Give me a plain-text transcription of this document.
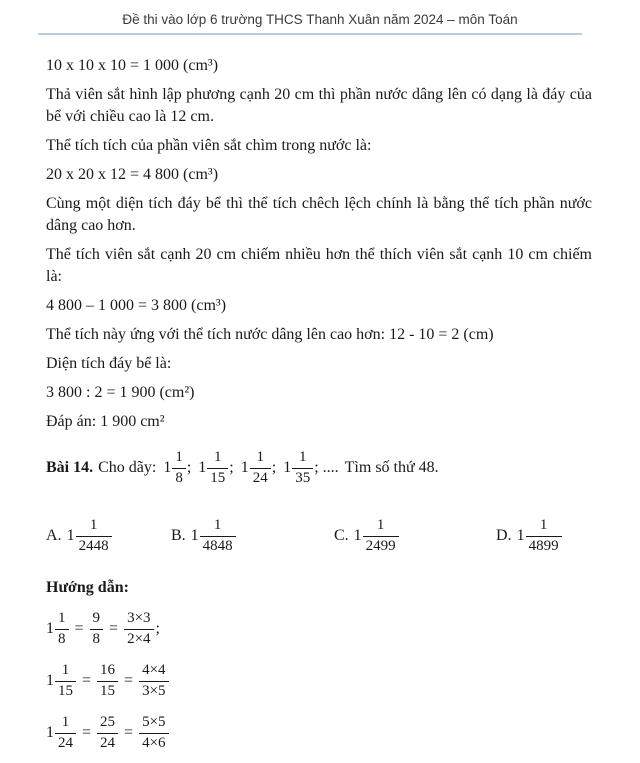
Đề thi vào lớp 6 trường THCS Thanh Xuân năm 2024 – môn Toán

10 x 10 x 10 = 1 000 (cm³)

Thả viên sắt hình lập phương cạnh 20 cm thì phần nước dâng lên có dạng là đáy của bể với chiều cao là 12 cm.

Thể tích tích của phần viên sắt chìm trong nước là:

20 x 20 x 12 = 4 800 (cm³)

Cùng một diện tích đáy bể thì thể tích chêch lệch chính là bằng thể tích phần nước dâng cao hơn.

Thể tích viên sắt cạnh 20 cm chiếm nhiều hơn thể thích viên sắt cạnh 10 cm chiếm là:

4 800 – 1 000 = 3 800 (cm³)

Thể tích này ứng với thể tích nước dâng lên cao hơn: 12 - 10 = 2 (cm)

Diện tích đáy bể là:

3 800 : 2 = 1 900 (cm²)

Đáp án: 1 900 cm²

Bài 14. Cho dãy: $1 \frac{1}{8}$ ; $1 \frac{1}{15}$ ; $1 \frac{1}{24}$ ; $1 \frac{1}{35}$ ; .... Tìm số thứ 48.
A. $1 \frac{1}{2448}$	B. $1 \frac{1}{4848}$	C. $1 \frac{1}{2499}$	D. $1 \frac{1}{4899}$

Hướng dẫn:

$1 \frac{1}{8} = \frac{9}{8} = \frac{3\times 3}{2\times 4}$ ;
$1 \frac{1}{15} = \frac{16}{15} = \frac{4\times 4}{3\times 5}$
$1 \frac{1}{24} = \frac{25}{24} = \frac{5\times 5}{4\times 6}$
